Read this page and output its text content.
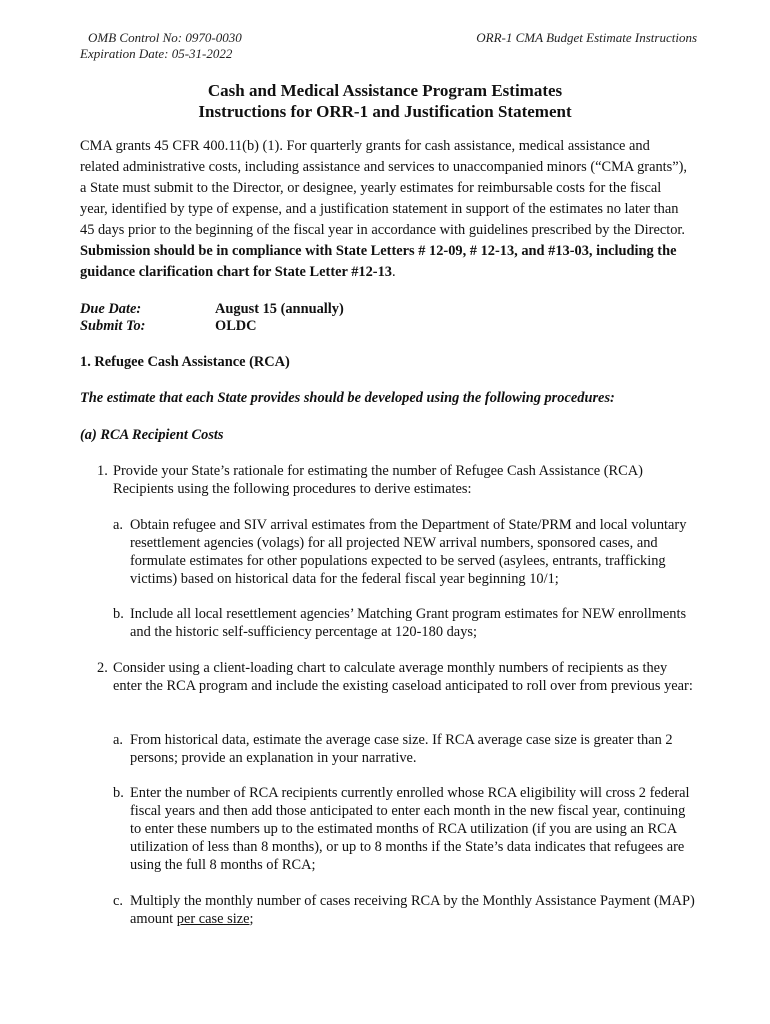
OMB Control No: 0970-0030
Expiration Date: 05-31-2022
ORR-1 CMA Budget Estimate Instructions
Cash and Medical Assistance Program Estimates
Instructions for ORR-1 and Justification Statement
CMA grants 45 CFR 400.11(b) (1). For quarterly grants for cash assistance, medical assistance and related administrative costs, including assistance and services to unaccompanied minors (“CMA grants”), a State must submit to the Director, or designee, yearly estimates for reimbursable costs for the fiscal year, identified by type of expense, and a justification statement in support of the estimates no later than 45 days prior to the beginning of the fiscal year in accordance with guidelines prescribed by the Director. Submission should be in compliance with State Letters # 12-09, # 12-13, and #13-03, including the guidance clarification chart for State Letter #12-13.
Due Date:	August 15 (annually)
Submit To:	OLDC
1. Refugee Cash Assistance (RCA)
The estimate that each State provides should be developed using the following procedures:
(a) RCA Recipient Costs
1. Provide your State’s rationale for estimating the number of Refugee Cash Assistance (RCA) Recipients using the following procedures to derive estimates:
a. Obtain refugee and SIV arrival estimates from the Department of State/PRM and local voluntary resettlement agencies (volags) for all projected NEW arrival numbers, sponsored cases, and formulate estimates for other populations expected to be served (asylees, entrants, trafficking victims) based on historical data for the federal fiscal year beginning 10/1;
b. Include all local resettlement agencies’ Matching Grant program estimates for NEW enrollments and the historic self-sufficiency percentage at 120-180 days;
2. Consider using a client-loading chart to calculate average monthly numbers of recipients as they enter the RCA program and include the existing caseload anticipated to roll over from previous year:
a. From historical data, estimate the average case size. If RCA average case size is greater than 2 persons; provide an explanation in your narrative.
b. Enter the number of RCA recipients currently enrolled whose RCA eligibility will cross 2 federal fiscal years and then add those anticipated to enter each month in the new fiscal year, continuing to enter these numbers up to the estimated months of RCA utilization (if you are using an RCA utilization of less than 8 months), or up to 8 months if the State’s data indicates that refugees are using the full 8 months of RCA;
c. Multiply the monthly number of cases receiving RCA by the Monthly Assistance Payment (MAP) amount per case size;
